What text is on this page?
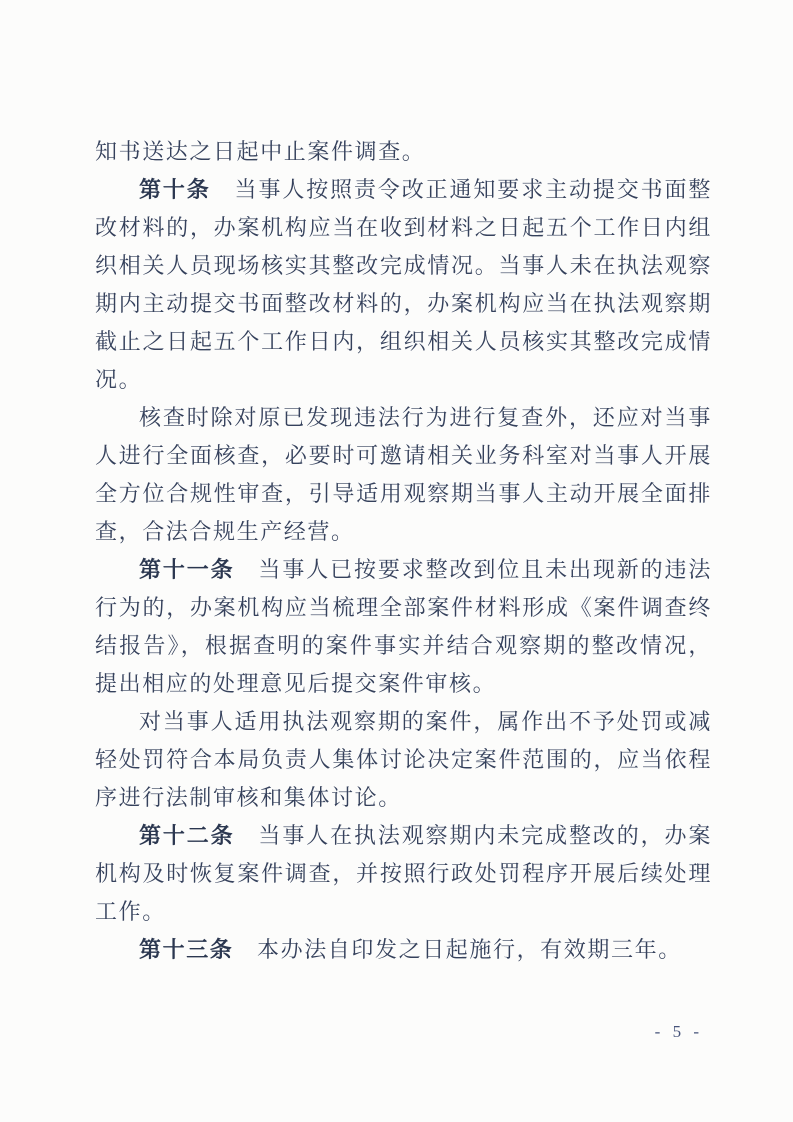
知书送达之日起中止案件调查。

第十条　当事人按照责令改正通知要求主动提交书面整改材料的，办案机构应当在收到材料之日起五个工作日内组织相关人员现场核实其整改完成情况。当事人未在执法观察期内主动提交书面整改材料的，办案机构应当在执法观察期截止之日起五个工作日内，组织相关人员核实其整改完成情况。

核查时除对原已发现违法行为进行复查外，还应对当事人进行全面核查，必要时可邀请相关业务科室对当事人开展全方位合规性审查，引导适用观察期当事人主动开展全面排查，合法合规生产经营。

第十一条　当事人已按要求整改到位且未出现新的违法行为的，办案机构应当梳理全部案件材料形成《案件调查终结报告》，根据查明的案件事实并结合观察期的整改情况，提出相应的处理意见后提交案件审核。

对当事人适用执法观察期的案件，属作出不予处罚或减轻处罚符合本局负责人集体讨论决定案件范围的，应当依程序进行法制审核和集体讨论。

第十二条　当事人在执法观察期内未完成整改的，办案机构及时恢复案件调查，并按照行政处罚程序开展后续处理工作。

第十三条　本办法自印发之日起施行，有效期三年。

- 5 -
